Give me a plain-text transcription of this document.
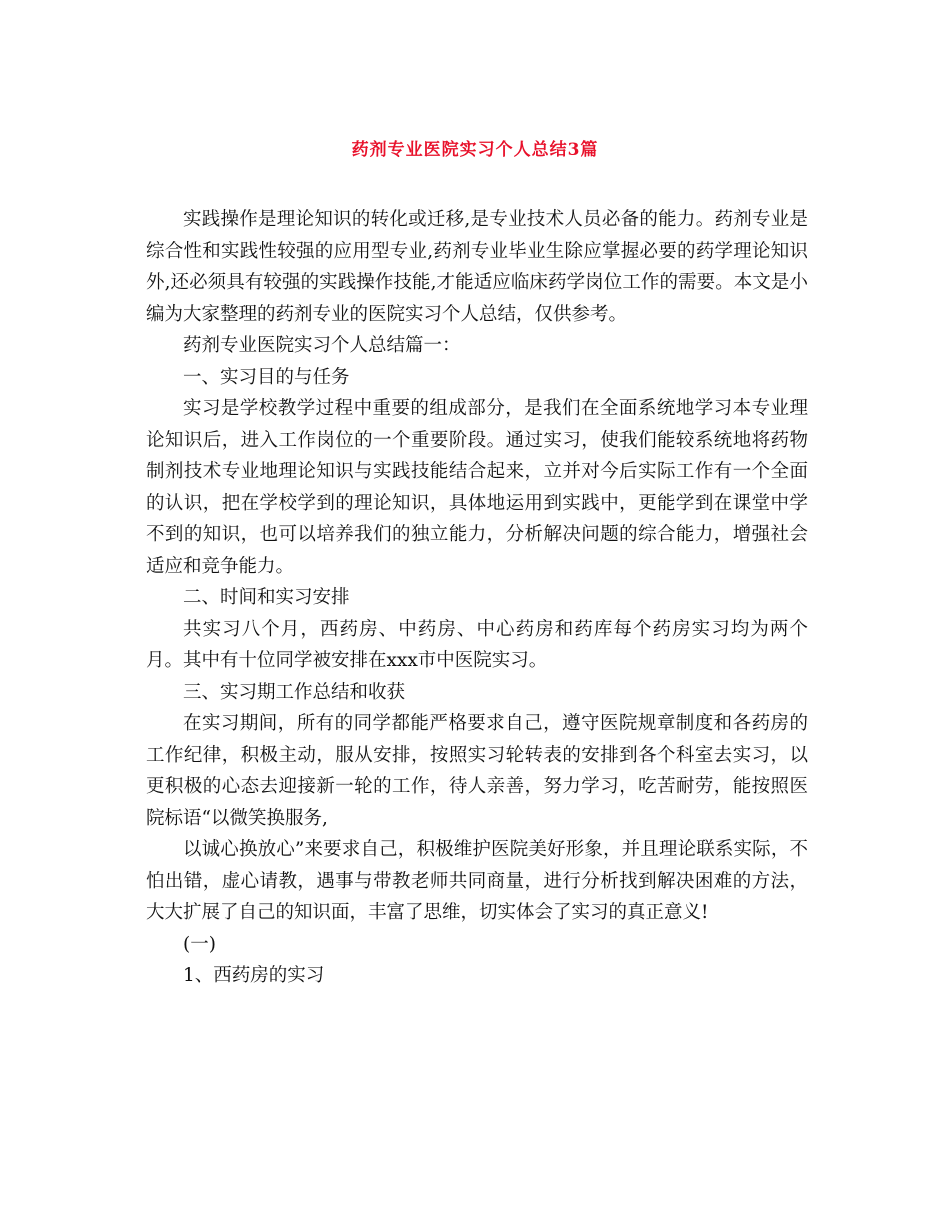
药剂专业医院实习个人总结3篇

实践操作是理论知识的转化或迁移,是专业技术人员必备的能力。药剂专业是综合性和实践性较强的应用型专业,药剂专业毕业生除应掌握必要的药学理论知识外,还必须具有较强的实践操作技能,才能适应临床药学岗位工作的需要。本文是小编为大家整理的药剂专业的医院实习个人总结，仅供参考。

药剂专业医院实习个人总结篇一：

一、实习目的与任务

实习是学校教学过程中重要的组成部分，是我们在全面系统地学习本专业理论知识后，进入工作岗位的一个重要阶段。通过实习，使我们能较系统地将药物制剂技术专业地理论知识与实践技能结合起来，立并对今后实际工作有一个全面的认识，把在学校学到的理论知识，具体地运用到实践中，更能学到在课堂中学不到的知识，也可以培养我们的独立能力，分析解决问题的综合能力，增强社会适应和竞争能力。

二、时间和实习安排

共实习八个月，西药房、中药房、中心药房和药库每个药房实习均为两个月。其中有十位同学被安排在xxx市中医院实习。

三、实习期工作总结和收获

在实习期间，所有的同学都能严格要求自己，遵守医院规章制度和各药房的工作纪律，积极主动，服从安排，按照实习轮转表的安排到各个科室去实习，以更积极的心态去迎接新一轮的工作，待人亲善，努力学习，吃苦耐劳，能按照医院标语“以微笑换服务,

以诚心换放心”来要求自己，积极维护医院美好形象，并且理论联系实际，不怕出错，虚心请教，遇事与带教老师共同商量，进行分析找到解决困难的方法，大大扩展了自己的知识面，丰富了思维，切实体会了实习的真正意义!

(一)

1、西药房的实习
